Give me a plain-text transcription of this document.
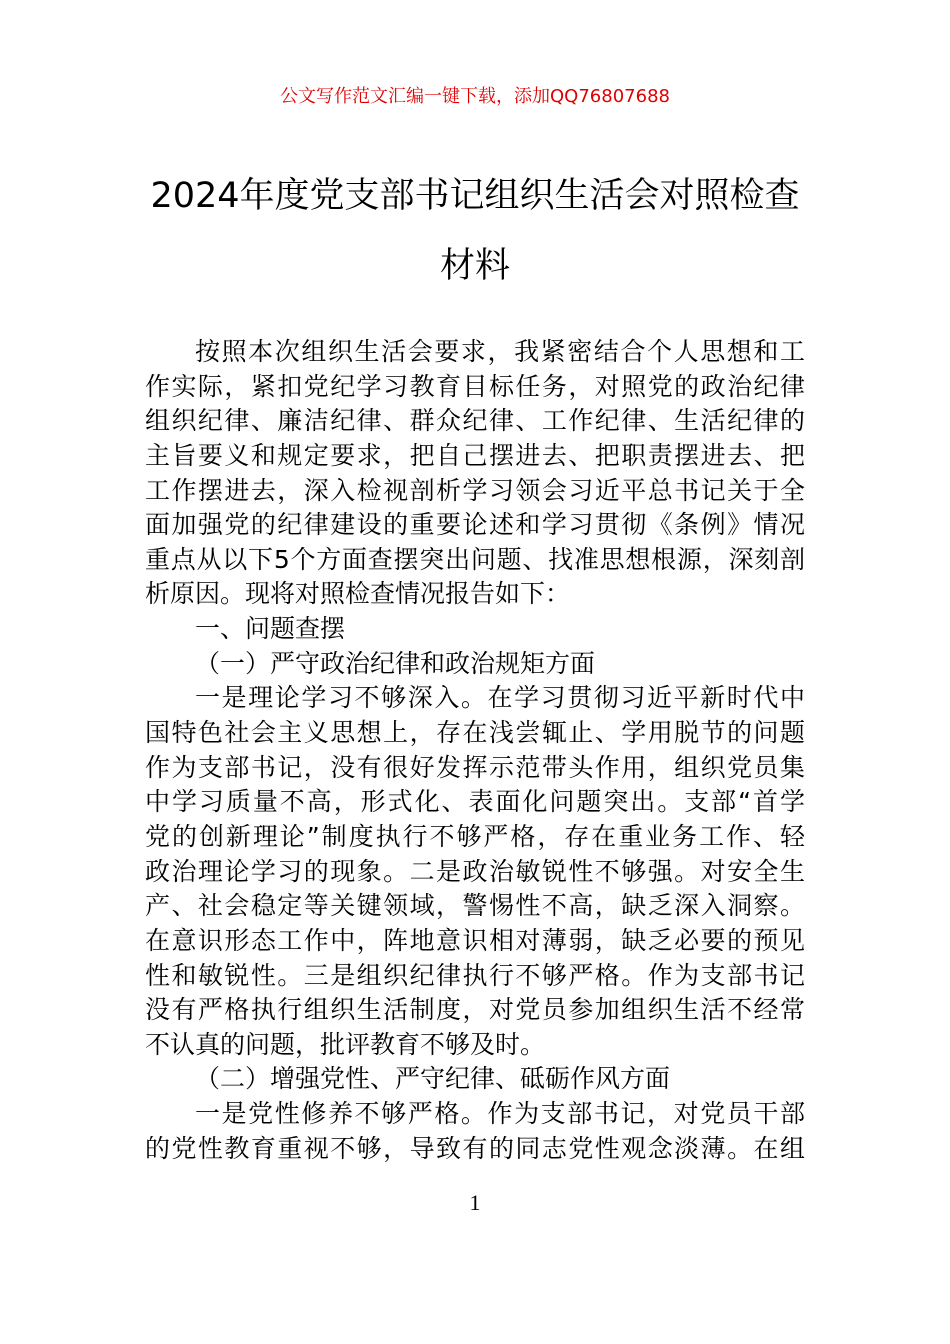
公文写作范文汇编一键下载，添加QQ76807688
2024年度党支部书记组织生活会对照检查
材料
按照本次组织生活会要求，我紧密结合个人思想和工
作实际，紧扣党纪学习教育目标任务，对照党的政治纪律
组织纪律、廉洁纪律、群众纪律、工作纪律、生活纪律的
主旨要义和规定要求，把自己摆进去、把职责摆进去、把
工作摆进去，深入检视剖析学习领会习近平总书记关于全
面加强党的纪律建设的重要论述和学习贯彻《条例》情况
重点从以下5个方面查摆突出问题、找准思想根源，深刻剖
析原因。现将对照检查情况报告如下：
一、问题查摆
（一）严守政治纪律和政治规矩方面
一是理论学习不够深入。在学习贯彻习近平新时代中
国特色社会主义思想上，存在浅尝辄止、学用脱节的问题
作为支部书记，没有很好发挥示范带头作用，组织党员集
中学习质量不高，形式化、表面化问题突出。支部“首学
党的创新理论”制度执行不够严格，存在重业务工作、轻
政治理论学习的现象。二是政治敏锐性不够强。对安全生
产、社会稳定等关键领域，警惕性不高，缺乏深入洞察。
在意识形态工作中，阵地意识相对薄弱，缺乏必要的预见
性和敏锐性。三是组织纪律执行不够严格。作为支部书记
没有严格执行组织生活制度，对党员参加组织生活不经常
不认真的问题，批评教育不够及时。
（二）增强党性、严守纪律、砥砺作风方面
一是党性修养不够严格。作为支部书记，对党员干部
的党性教育重视不够，导致有的同志党性观念淡薄。在组
1
